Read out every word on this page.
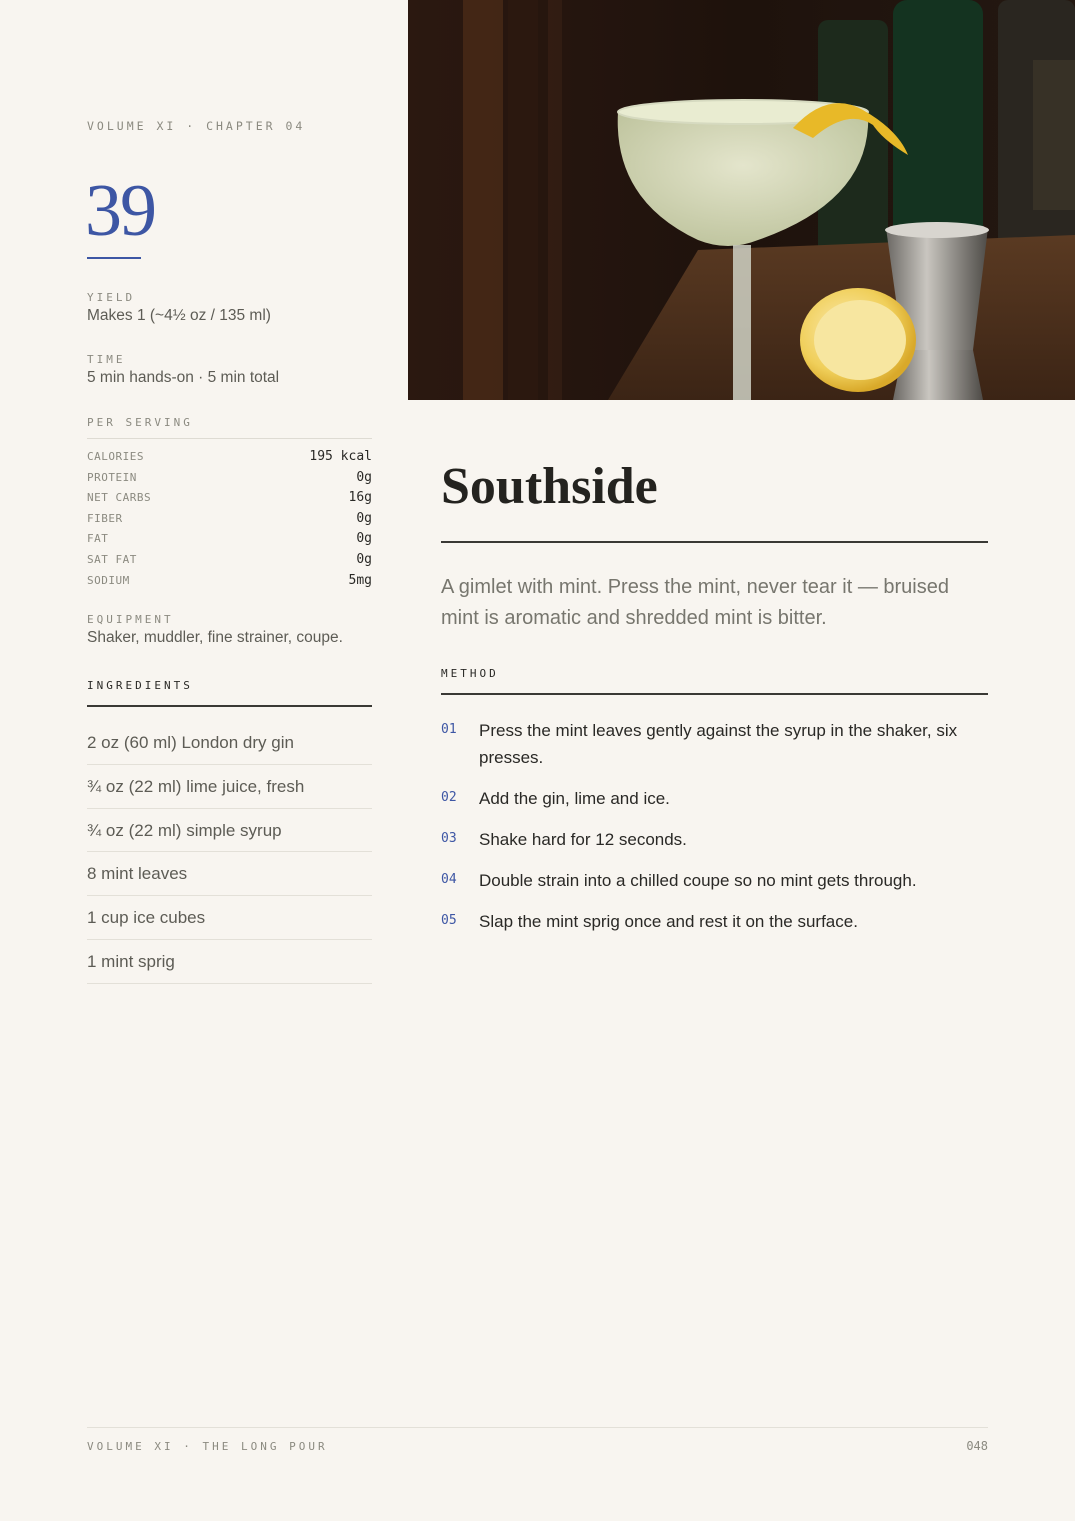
VOLUME XI · CHAPTER 04
39
YIELD
Makes 1 (~4½ oz / 135 ml)
TIME
5 min hands-on · 5 min total
PER SERVING
CALORIES	195 kcal
PROTEIN	0g
NET CARBS	16g
FIBER	0g
FAT	0g
SAT FAT	0g
SODIUM	5mg
EQUIPMENT
Shaker, muddler, fine strainer, coupe.
INGREDIENTS
2 oz (60 ml) London dry gin
¾ oz (22 ml) lime juice, fresh
¾ oz (22 ml) simple syrup
8 mint leaves
1 cup ice cubes
1 mint sprig
Southside

A gimlet with mint. Press the mint, never tear it — bruised mint is aromatic and shredded mint is bitter.

METHOD
01	Press the mint leaves gently against the syrup in the shaker, six presses.
02	Add the gin, lime and ice.
03	Shake hard for 12 seconds.
04	Double strain into a chilled coupe so no mint gets through.
05	Slap the mint sprig once and rest it on the surface.
VOLUME XI · THE LONG POUR	048
